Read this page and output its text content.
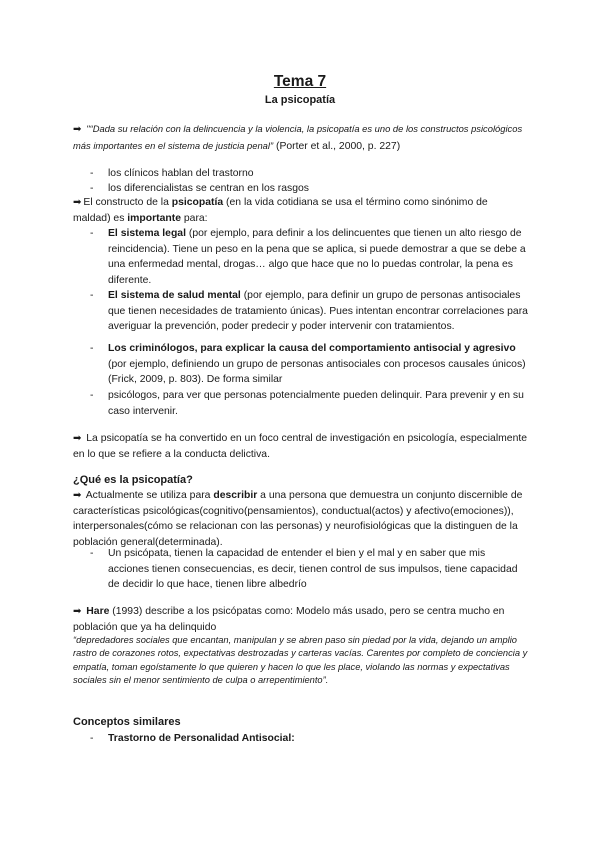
Tema 7
La psicopatía
➡ "“Dada su relación con la delincuencia y la violencia, la psicopatía es uno de los constructos psicológicos más importantes en el sistema de justicia penal” (Porter et al., 2000, p. 227)
- los clínicos hablan del trastorno
- los diferencialistas se centran en los rasgos
➡ El constructo de la psicopatía (en la vida cotidiana se usa el término como sinónimo de maldad) es importante para:
- El sistema legal (por ejemplo, para definir a los delincuentes que tienen un alto riesgo de reincidencia). Tiene un peso en la pena que se aplica, si puede demostrar a que se debe a una enfermedad mental, drogas… algo que hace que no lo puedas controlar, la pena es diferente.
- El sistema de salud mental (por ejemplo, para definir un grupo de personas antisociales que tienen necesidades de tratamiento únicas). Pues intentan encontrar correlaciones para averiguar la prevención, poder predecir y poder intervenir con tratamientos.
- Los criminólogos, para explicar la causa del comportamiento antisocial y agresivo (por ejemplo, definiendo un grupo de personas antisociales con procesos causales únicos) (Frick, 2009, p. 803). De forma similar
- psicólogos, para ver que personas potencialmente pueden delinquir. Para prevenir y en su caso intervenir.
➡ La psicopatía se ha convertido en un foco central de investigación en psicología, especialmente en lo que se refiere a la conducta delictiva.
¿Qué es la psicopatía?
➡ Actualmente se utiliza para describir a una persona que demuestra un conjunto discernible de características psicológicas(cognitivo(pensamientos), conductual(actos) y afectivo(emociones)), interpersonales(cómo se relacionan con las personas) y neurofisiológicas que la distinguen de la población general(determinada).
- Un psicópata, tienen la capacidad de entender el bien y el mal y en saber que mis acciones tienen consecuencias, es decir, tienen control de sus impulsos, tiene capacidad de decidir lo que hace, tienen libre albedrío
➡ Hare (1993) describe a los psicópatas como: Modelo más usado, pero se centra mucho en población que ya ha delinquido
“depredadores sociales que encantan, manipulan y se abren paso sin piedad por la vida, dejando un amplio rastro de corazones rotos, expectativas destrozadas y carteras vacías. Carentes por completo de conciencia y empatía, toman egoístamente lo que quieren y hacen lo que les place, violando las normas y expectativas sociales sin el menor sentimiento de culpa o arrepentimiento”.
Conceptos similares
- Trastorno de Personalidad Antisocial:
